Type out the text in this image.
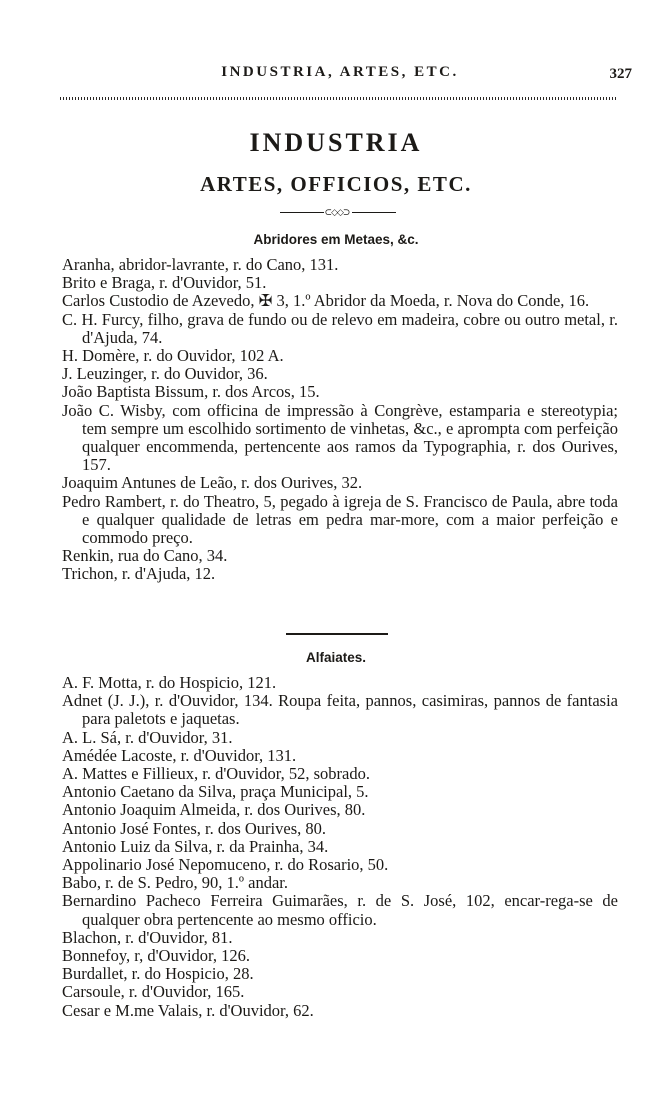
INDUSTRIA, ARTES, ETC.	327
INDUSTRIA
ARTES, OFFICIOS, ETC.
⊂◇◇⊃
Abridores em Metaes, &c.
Aranha, abridor-lavrante, r. do Cano, 131.
Brito e Braga, r. d'Ouvidor, 51.
Carlos Custodio de Azevedo, ✠ 3, 1.º Abridor da Moeda, r. Nova do Conde, 16.
C. H. Furcy, filho, grava de fundo ou de relevo em madeira, cobre ou outro metal, r. d'Ajuda, 74.
H. Domère, r. do Ouvidor, 102 A.
J. Leuzinger, r. do Ouvidor, 36.
João Baptista Bissum, r. dos Arcos, 15.
João C. Wisby, com officina de impressão à Congrève, estamparia e stereotypia; tem sempre um escolhido sortimento de vinhetas, &c., e aprompta com perfeição qualquer encommenda, pertencente aos ramos da Typographia, r. dos Ourives, 157.
Joaquim Antunes de Leão, r. dos Ourives, 32.
Pedro Rambert, r. do Theatro, 5, pegado à igreja de S. Francisco de Paula, abre toda e qualquer qualidade de letras em pedra mar-more, com a maior perfeição e commodo preço.
Renkin, rua do Cano, 34.
Trichon, r. d'Ajuda, 12.
Alfaiates.
A. F. Motta, r. do Hospicio, 121.
Adnet (J. J.), r. d'Ouvidor, 134. Roupa feita, pannos, casimiras, pannos de fantasia para paletots e jaquetas.
A. L. Sá, r. d'Ouvidor, 31.
Amédée Lacoste, r. d'Ouvidor, 131.
A. Mattes e Fillieux, r. d'Ouvidor, 52, sobrado.
Antonio Caetano da Silva, praça Municipal, 5.
Antonio Joaquim Almeida, r. dos Ourives, 80.
Antonio José Fontes, r. dos Ourives, 80.
Antonio Luiz da Silva, r. da Prainha, 34.
Appolinario José Nepomuceno, r. do Rosario, 50.
Babo, r. de S. Pedro, 90, 1.º andar.
Bernardino Pacheco Ferreira Guimarães, r. de S. José, 102, encar-rega-se de qualquer obra pertencente ao mesmo officio.
Blachon, r. d'Ouvidor, 81.
Bonnefoy, r, d'Ouvidor, 126.
Burdallet, r. do Hospicio, 28.
Carsoule, r. d'Ouvidor, 165.
Cesar e M.me Valais, r. d'Ouvidor, 62.
